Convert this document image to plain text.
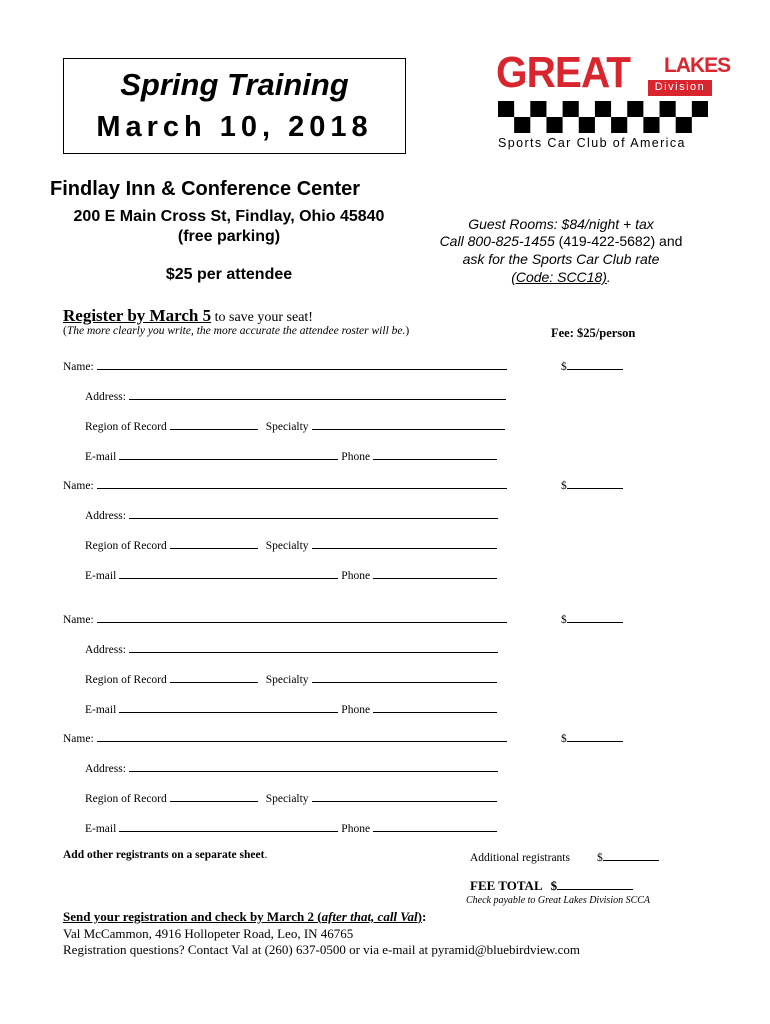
Spring Training
March 10, 2018
GREAT LAKES
Division
Sports Car Club of America
Findlay Inn & Conference Center
200 E Main Cross St, Findlay, Ohio 45840
(free parking)
$25 per attendee
Guest Rooms: $84/night + tax
Call 800-825-1455 (419-422-5682) and
ask for the Sports Car Club rate
(Code: SCC18).
Register by March 5 to save your seat!
(The more clearly you write, the more accurate the attendee roster will be.)	Fee: $25/person
Name:	$
Address:
Region of Record	Specialty
E-mail	Phone
Name:	$
Address:
Region of Record	Specialty
E-mail	Phone
Name:	$
Address:
Region of Record	Specialty
E-mail	Phone
Name:	$
Address:
Region of Record	Specialty
E-mail	Phone
Add other registrants on a separate sheet.	Additional registrants $
FEE TOTAL $
Check payable to Great Lakes Division SCCA
Send your registration and check by March 2 (after that, call Val):
Val McCammon, 4916 Hollopeter Road, Leo, IN 46765
Registration questions? Contact Val at (260) 637-0500 or via e-mail at pyramid@bluebirdview.com
